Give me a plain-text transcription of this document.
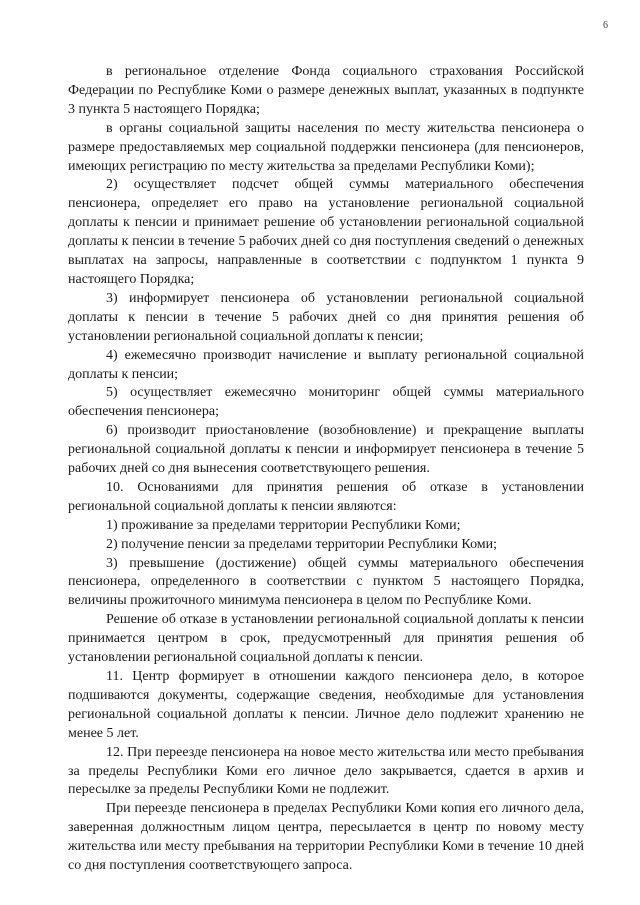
6

в региональное отделение Фонда социального страхования Российской Федерации по Республике Коми о размере денежных выплат, указанных в подпункте 3 пункта 5 настоящего Порядка;

в органы социальной защиты населения по месту жительства пенсионера о размере предоставляемых мер социальной поддержки пенсионера (для пенсионеров, имеющих регистрацию по месту жительства за пределами Республики Коми);

2) осуществляет подсчет общей суммы материального обеспечения пенсионера, определяет его право на установление региональной социальной доплаты к пенсии и принимает решение об установлении региональной социальной доплаты к пенсии в течение 5 рабочих дней со дня поступления сведений о денежных выплатах на запросы, направленные в соответствии с подпунктом 1 пункта 9 настоящего Порядка;

3) информирует пенсионера об установлении региональной социальной доплаты к пенсии в течение 5 рабочих дней со дня принятия решения об установлении региональной социальной доплаты к пенсии;

4) ежемесячно производит начисление и выплату региональной социальной доплаты к пенсии;

5) осуществляет ежемесячно мониторинг общей суммы материального обеспечения пенсионера;

6) производит приостановление (возобновление) и прекращение выплаты региональной социальной доплаты к пенсии и информирует пенсионера в течение 5 рабочих дней со дня вынесения соответствующего решения.

10. Основаниями для принятия решения об отказе в установлении региональной социальной доплаты к пенсии являются:

1) проживание за пределами территории Республики Коми;

2) получение пенсии за пределами территории Республики Коми;

3) превышение (достижение) общей суммы материального обеспечения пенсионера, определенного в соответствии с пунктом 5 настоящего Порядка, величины прожиточного минимума пенсионера в целом по Республике Коми.

Решение об отказе в установлении региональной социальной доплаты к пенсии принимается центром в срок, предусмотренный для принятия решения об установлении региональной социальной доплаты к пенсии.

11. Центр формирует в отношении каждого пенсионера дело, в которое подшиваются документы, содержащие сведения, необходимые для установления региональной социальной доплаты к пенсии. Личное дело подлежит хранению не менее 5 лет.

12. При переезде пенсионера на новое место жительства или место пребывания за пределы Республики Коми его личное дело закрывается, сдается в архив и пересылке за пределы Республики Коми не подлежит.

При переезде пенсионера в пределах Республики Коми копия его личного дела, заверенная должностным лицом центра, пересылается в центр по новому месту жительства или месту пребывания на территории Республики Коми в течение 10 дней со дня поступления соответствующего запроса.
